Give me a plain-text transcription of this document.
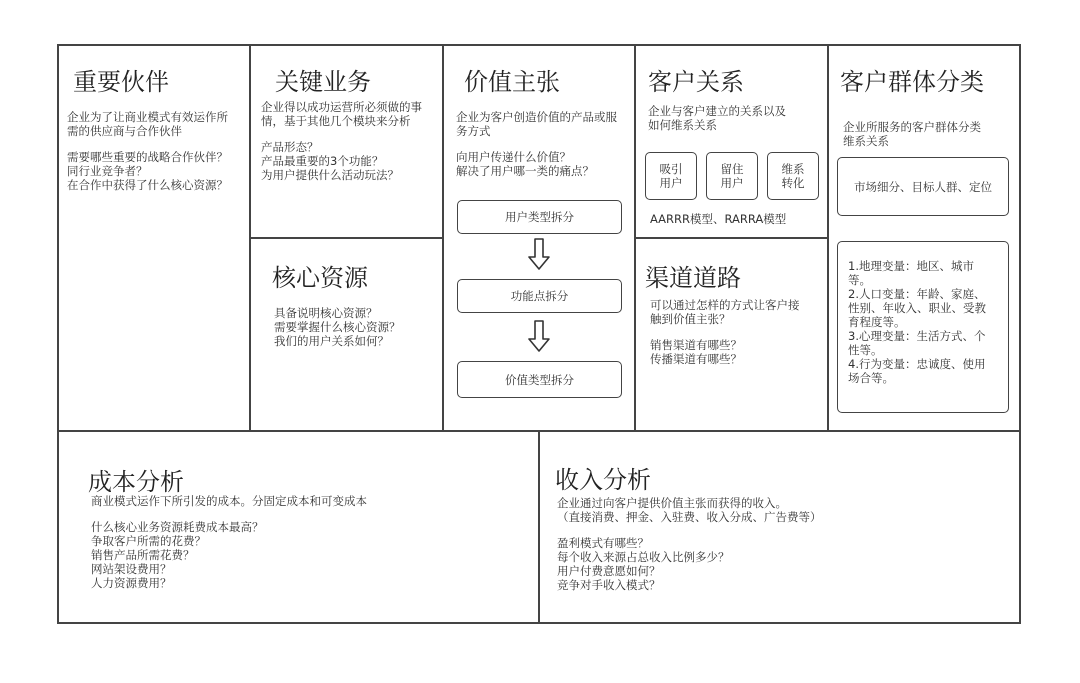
重要伙伴

企业为了让商业模式有效运作所

需的供应商与合作伙伴

需要哪些重要的战略合作伙伴？

同行业竞争者？

在合作中获得了什么核心资源？

关键业务

企业得以成功运营所必须做的事

情，基于其他几个模块来分析

产品形态？

产品最重要的3个功能？

为用户提供什么活动玩法？

核心资源

具备说明核心资源？

需要掌握什么核心资源？

我们的用户关系如何？

价值主张

企业为客户创造价值的产品或服

务方式

向用户传递什么价值？

解决了用户哪一类的痛点？

用户类型拆分
功能点拆分
价值类型拆分
客户关系

企业与客户建立的关系以及

如何维系关系

吸引
用户
留住
用户
维系
转化
AARRR模型、RARRA模型
渠道道路

可以通过怎样的方式让客户接

触到价值主张？

销售渠道有哪些？

传播渠道有哪些？

客户群体分类

企业所服务的客户群体分类

维系关系

市场细分、目标人群、定位

1.地理变量：地区、城市

等。

2.人口变量：年龄、家庭、

性别、年收入、职业、受教

育程度等。

3.心理变量：生活方式、个

性等。

4.行为变量：忠诚度、使用

场合等。

成本分析

商业模式运作下所引发的成本。分固定成本和可变成本

什么核心业务资源耗费成本最高？

争取客户所需的花费？

销售产品所需花费？

网站架设费用？

人力资源费用？

收入分析

企业通过向客户提供价值主张而获得的收入。

（直接消费、押金、入驻费、收入分成、广告费等）

盈利模式有哪些？

每个收入来源占总收入比例多少？

用户付费意愿如何？

竞争对手收入模式？
